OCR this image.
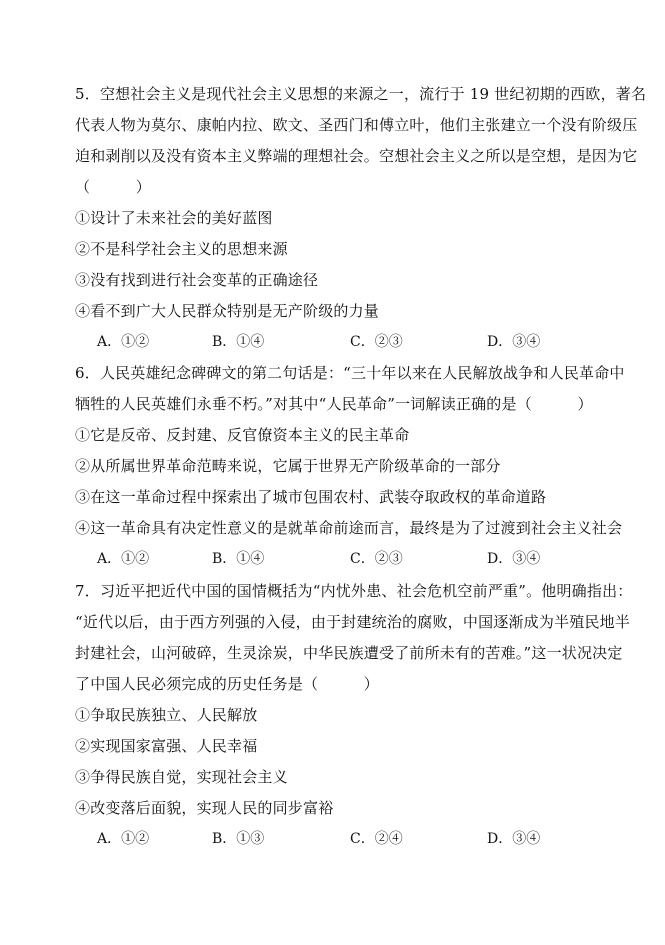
5．空想社会主义是现代社会主义思想的来源之一，流行于 19 世纪初期的西欧，著名
代表人物为莫尔、康帕内拉、欧文、圣西门和傅立叶，他们主张建立一个没有阶级压
迫和剥削以及没有资本主义弊端的理想社会。空想社会主义之所以是空想，是因为它
（　　　）
①设计了未来社会的美好蓝图
②不是科学社会主义的思想来源
③没有找到进行社会变革的正确途径
④看不到广大人民群众特别是无产阶级的力量
A．①②	B．①④	C．②③	D．③④
6．人民英雄纪念碑碑文的第二句话是：“三十年以来在人民解放战争和人民革命中
牺牲的人民英雄们永垂不朽。”对其中“人民革命”一词解读正确的是（　　　）
①它是反帝、反封建、反官僚资本主义的民主革命
②从所属世界革命范畴来说，它属于世界无产阶级革命的一部分
③在这一革命过程中探索出了城市包围农村、武装夺取政权的革命道路
④这一革命具有决定性意义的是就革命前途而言，最终是为了过渡到社会主义社会
A．①②	B．①④	C．②③	D．③④
7．习近平把近代中国的国情概括为“内忧外患、社会危机空前严重”。他明确指出：
“近代以后，由于西方列强的入侵，由于封建统治的腐败，中国逐渐成为半殖民地半
封建社会，山河破碎，生灵涂炭，中华民族遭受了前所未有的苦难。”这一状况决定
了中国人民必须完成的历史任务是（　　　）
①争取民族独立、人民解放
②实现国家富强、人民幸福
③争得民族自觉，实现社会主义
④改变落后面貌，实现人民的同步富裕
A．①②	B．①③	C．②④	D．③④
